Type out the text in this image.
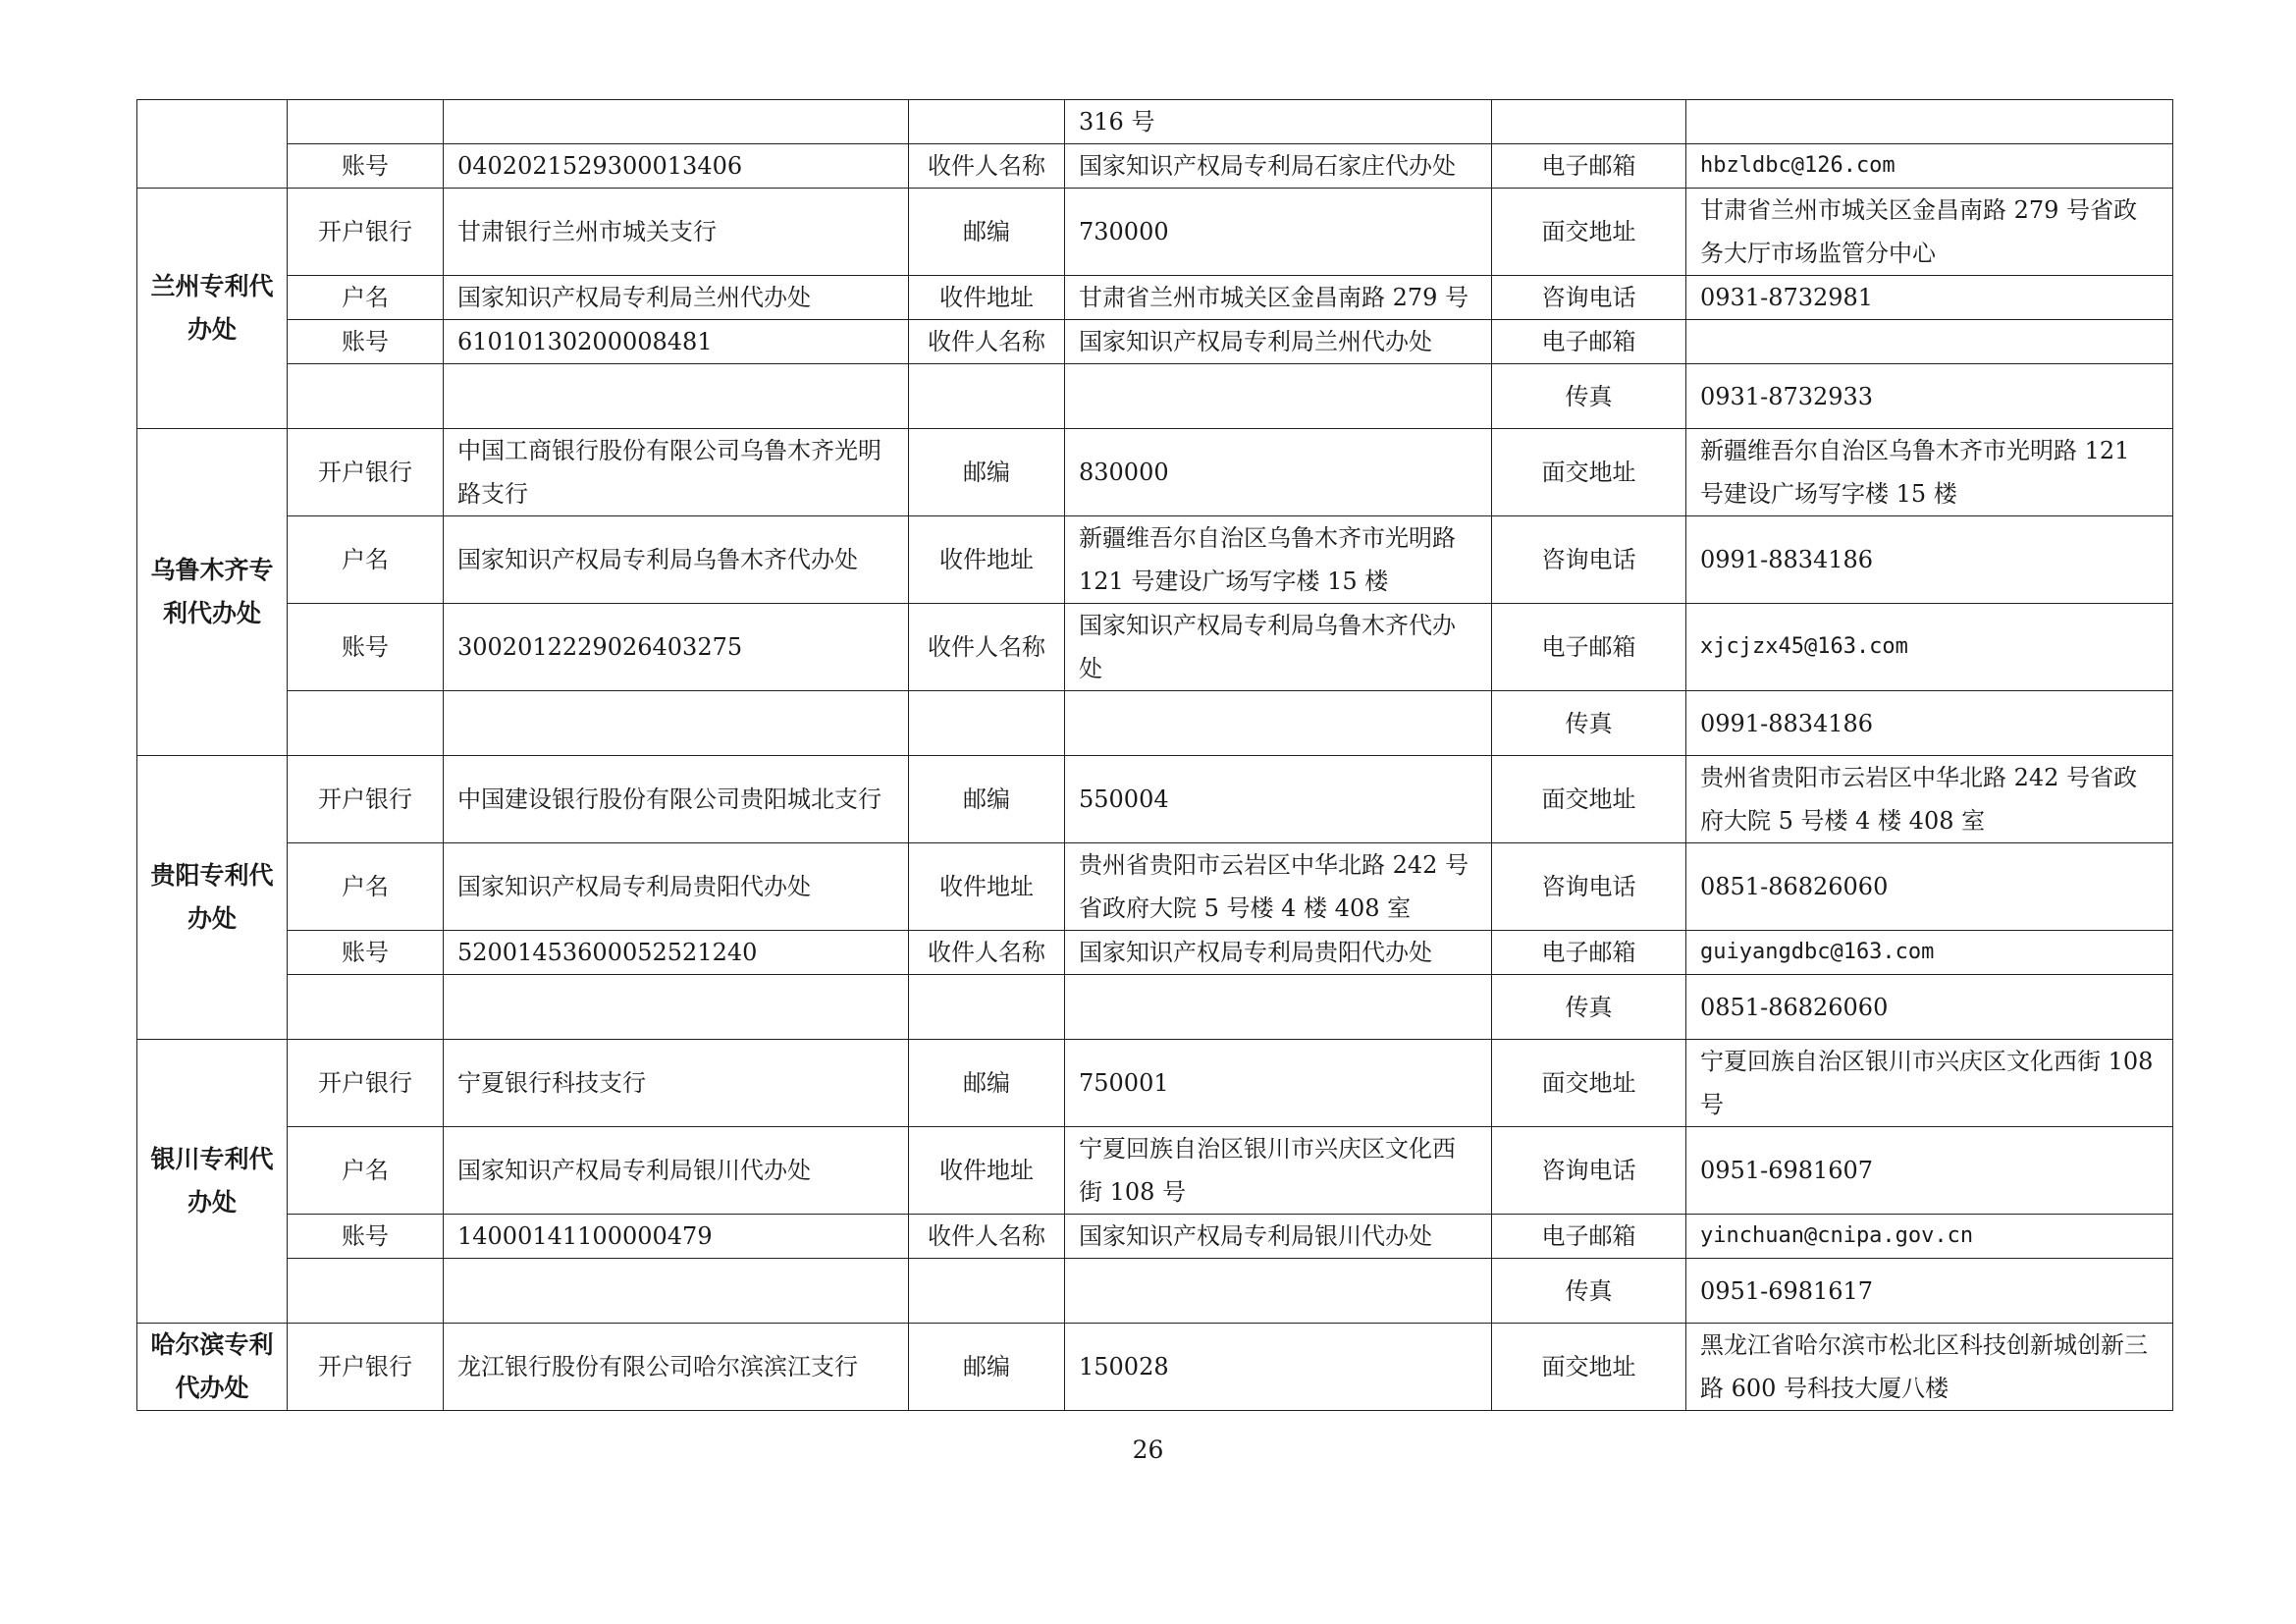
				316 号		
	账号	0402021529300013406	收件人名称	国家知识产权局专利局石家庄代办处	电子邮箱	hbzldbc@126.com
兰州专利代办处	开户银行	甘肃银行兰州市城关支行	邮编	730000	面交地址	甘肃省兰州市城关区金昌南路 279 号省政务大厅市场监管分中心
	户名	国家知识产权局专利局兰州代办处	收件地址	甘肃省兰州市城关区金昌南路 279 号	咨询电话	0931-8732981
	账号	61010130200008481	收件人名称	国家知识产权局专利局兰州代办处	电子邮箱	
					传真	0931-8732933
乌鲁木齐专利代办处	开户银行	中国工商银行股份有限公司乌鲁木齐光明路支行	邮编	830000	面交地址	新疆维吾尔自治区乌鲁木齐市光明路 121 号建设广场写字楼 15 楼
	户名	国家知识产权局专利局乌鲁木齐代办处	收件地址	新疆维吾尔自治区乌鲁木齐市光明路 121 号建设广场写字楼 15 楼	咨询电话	0991-8834186
	账号	3002012229026403275	收件人名称	国家知识产权局专利局乌鲁木齐代办处	电子邮箱	xjcjzx45@163.com
					传真	0991-8834186
贵阳专利代办处	开户银行	中国建设银行股份有限公司贵阳城北支行	邮编	550004	面交地址	贵州省贵阳市云岩区中华北路 242 号省政府大院 5 号楼 4 楼 408 室
	户名	国家知识产权局专利局贵阳代办处	收件地址	贵州省贵阳市云岩区中华北路 242 号省政府大院 5 号楼 4 楼 408 室	咨询电话	0851-86826060
	账号	52001453600052521240	收件人名称	国家知识产权局专利局贵阳代办处	电子邮箱	guiyangdbc@163.com
					传真	0851-86826060
银川专利代办处	开户银行	宁夏银行科技支行	邮编	750001	面交地址	宁夏回族自治区银川市兴庆区文化西街 108 号
	户名	国家知识产权局专利局银川代办处	收件地址	宁夏回族自治区银川市兴庆区文化西街 108 号	咨询电话	0951-6981607
	账号	14000141100000479	收件人名称	国家知识产权局专利局银川代办处	电子邮箱	yinchuan@cnipa.gov.cn
					传真	0951-6981617
哈尔滨专利代办处	开户银行	龙江银行股份有限公司哈尔滨滨江支行	邮编	150028	面交地址	黑龙江省哈尔滨市松北区科技创新城创新三路 600 号科技大厦八楼
26
